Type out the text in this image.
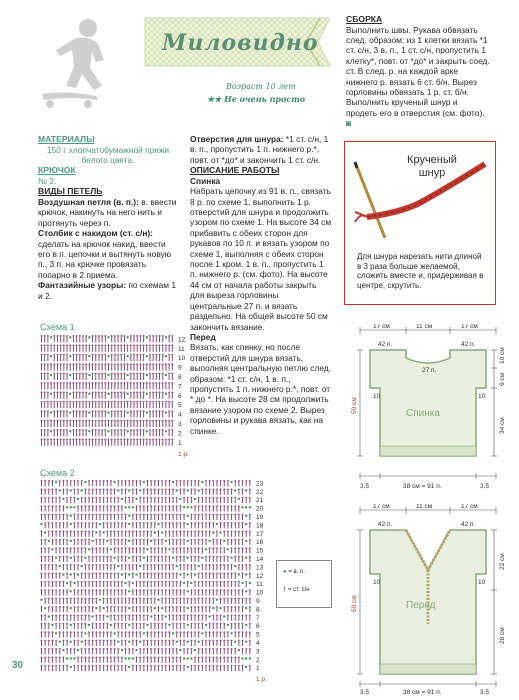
Миловидно
Возраст 10 лет
★★ Не очень просто
МАТЕРИАЛЫ
150 г хлопчатобумажной пряжи белого цвета.
КРЮЧОК
№ 2.
ВИДЫ ПЕТЕЛЬ
Воздушная петля (в. п.): в. ввести крючок, накинуть на него нить и протянуть через п.
Столбик с накидом (ст. с/н): сделать на крючок накид, ввести его в п. цепочки и вытянуть новую п., 3 п. на крючке провязать попарно в 2 приема.
Фантазийные узоры: по схемам 1 и 2.
Отверстия для шнура: *1 ст. с/н, 1 в. п., пропустить 1 п. нижнего р.*, повт. от *до* и закончить 1 ст. с/н.
ОПИСАНИЕ РАБОТЫ
Спинка
Набрать цепочку из 91 в. п., связать 8 р. по схеме 1, выполнить 1 р. отверстий для шнура и продолжить узором по схеме 1. На высоте 34 см прибавить с обеих сторон для рукавов по 10 п. и вязать узором по схеме 1, выполняя с обеих сторон после 1 кром. 1 в. п., пропустить 1 п. нижнего р. (см. фото). На высоте 44 см от начала работы закрыть для выреза горловины центральные 27 п. и вязать раздельно. На общей высоте 50 см закончить вязание.
Перед
Вязать, как спинку, но после отверстий для шнура вязать, выполняя центральную петлю след. образом: *1 ст. с/н, 1 в. п., пропустить 1 п. нижнего р.*, повт. от * до *. На высоте 28 см продолжить вязание узором по схеме 2. Вырез горловины и рукава вязать, как на спинке.
СБОРКА
Выполнить швы. Рукава обвязать след. образом: из 1 клетки вязать *1 ст. с/н, 3 в. п., 1 ст. с/н, пропустить 1 клетку*, повт. от *до* и закрыть соед. ст. В след. р. на каждой арке нижнего р. вязать 6 ст. б/н. Вырез горловины обвязать 1 р. ст. б/н. Выполнить крученый шнур и продеть его в отверстия (см. фото). ◙
Крученый шнур
Для шнура нарезать нити длиной в 3 раза больше желаемой, сложить вместе и, придерживая в центре, скрутить.
Схема 1
12
11
10
9
8
7
6
5
4
3
2
1
1 р.
Схема 2
23
22
21
20
19
18
17
16
15
14
13
12
11
10
9
8
7
6
5
4
3
2
1
1 р.
● = в. п.
† = ст. с/н
30
17 см	11 см	17 см
42 п.	42 п.
27 п.
10	10
Спинка
10 см
6 см
34 см
50 см
3,5	38 см = 91 п.	3,5
17 см	11 см	17 см
42 п.	42 п.
10	10
Перед
22 см
28 см
50 см
3,5	38 см = 91 п.	3,5
